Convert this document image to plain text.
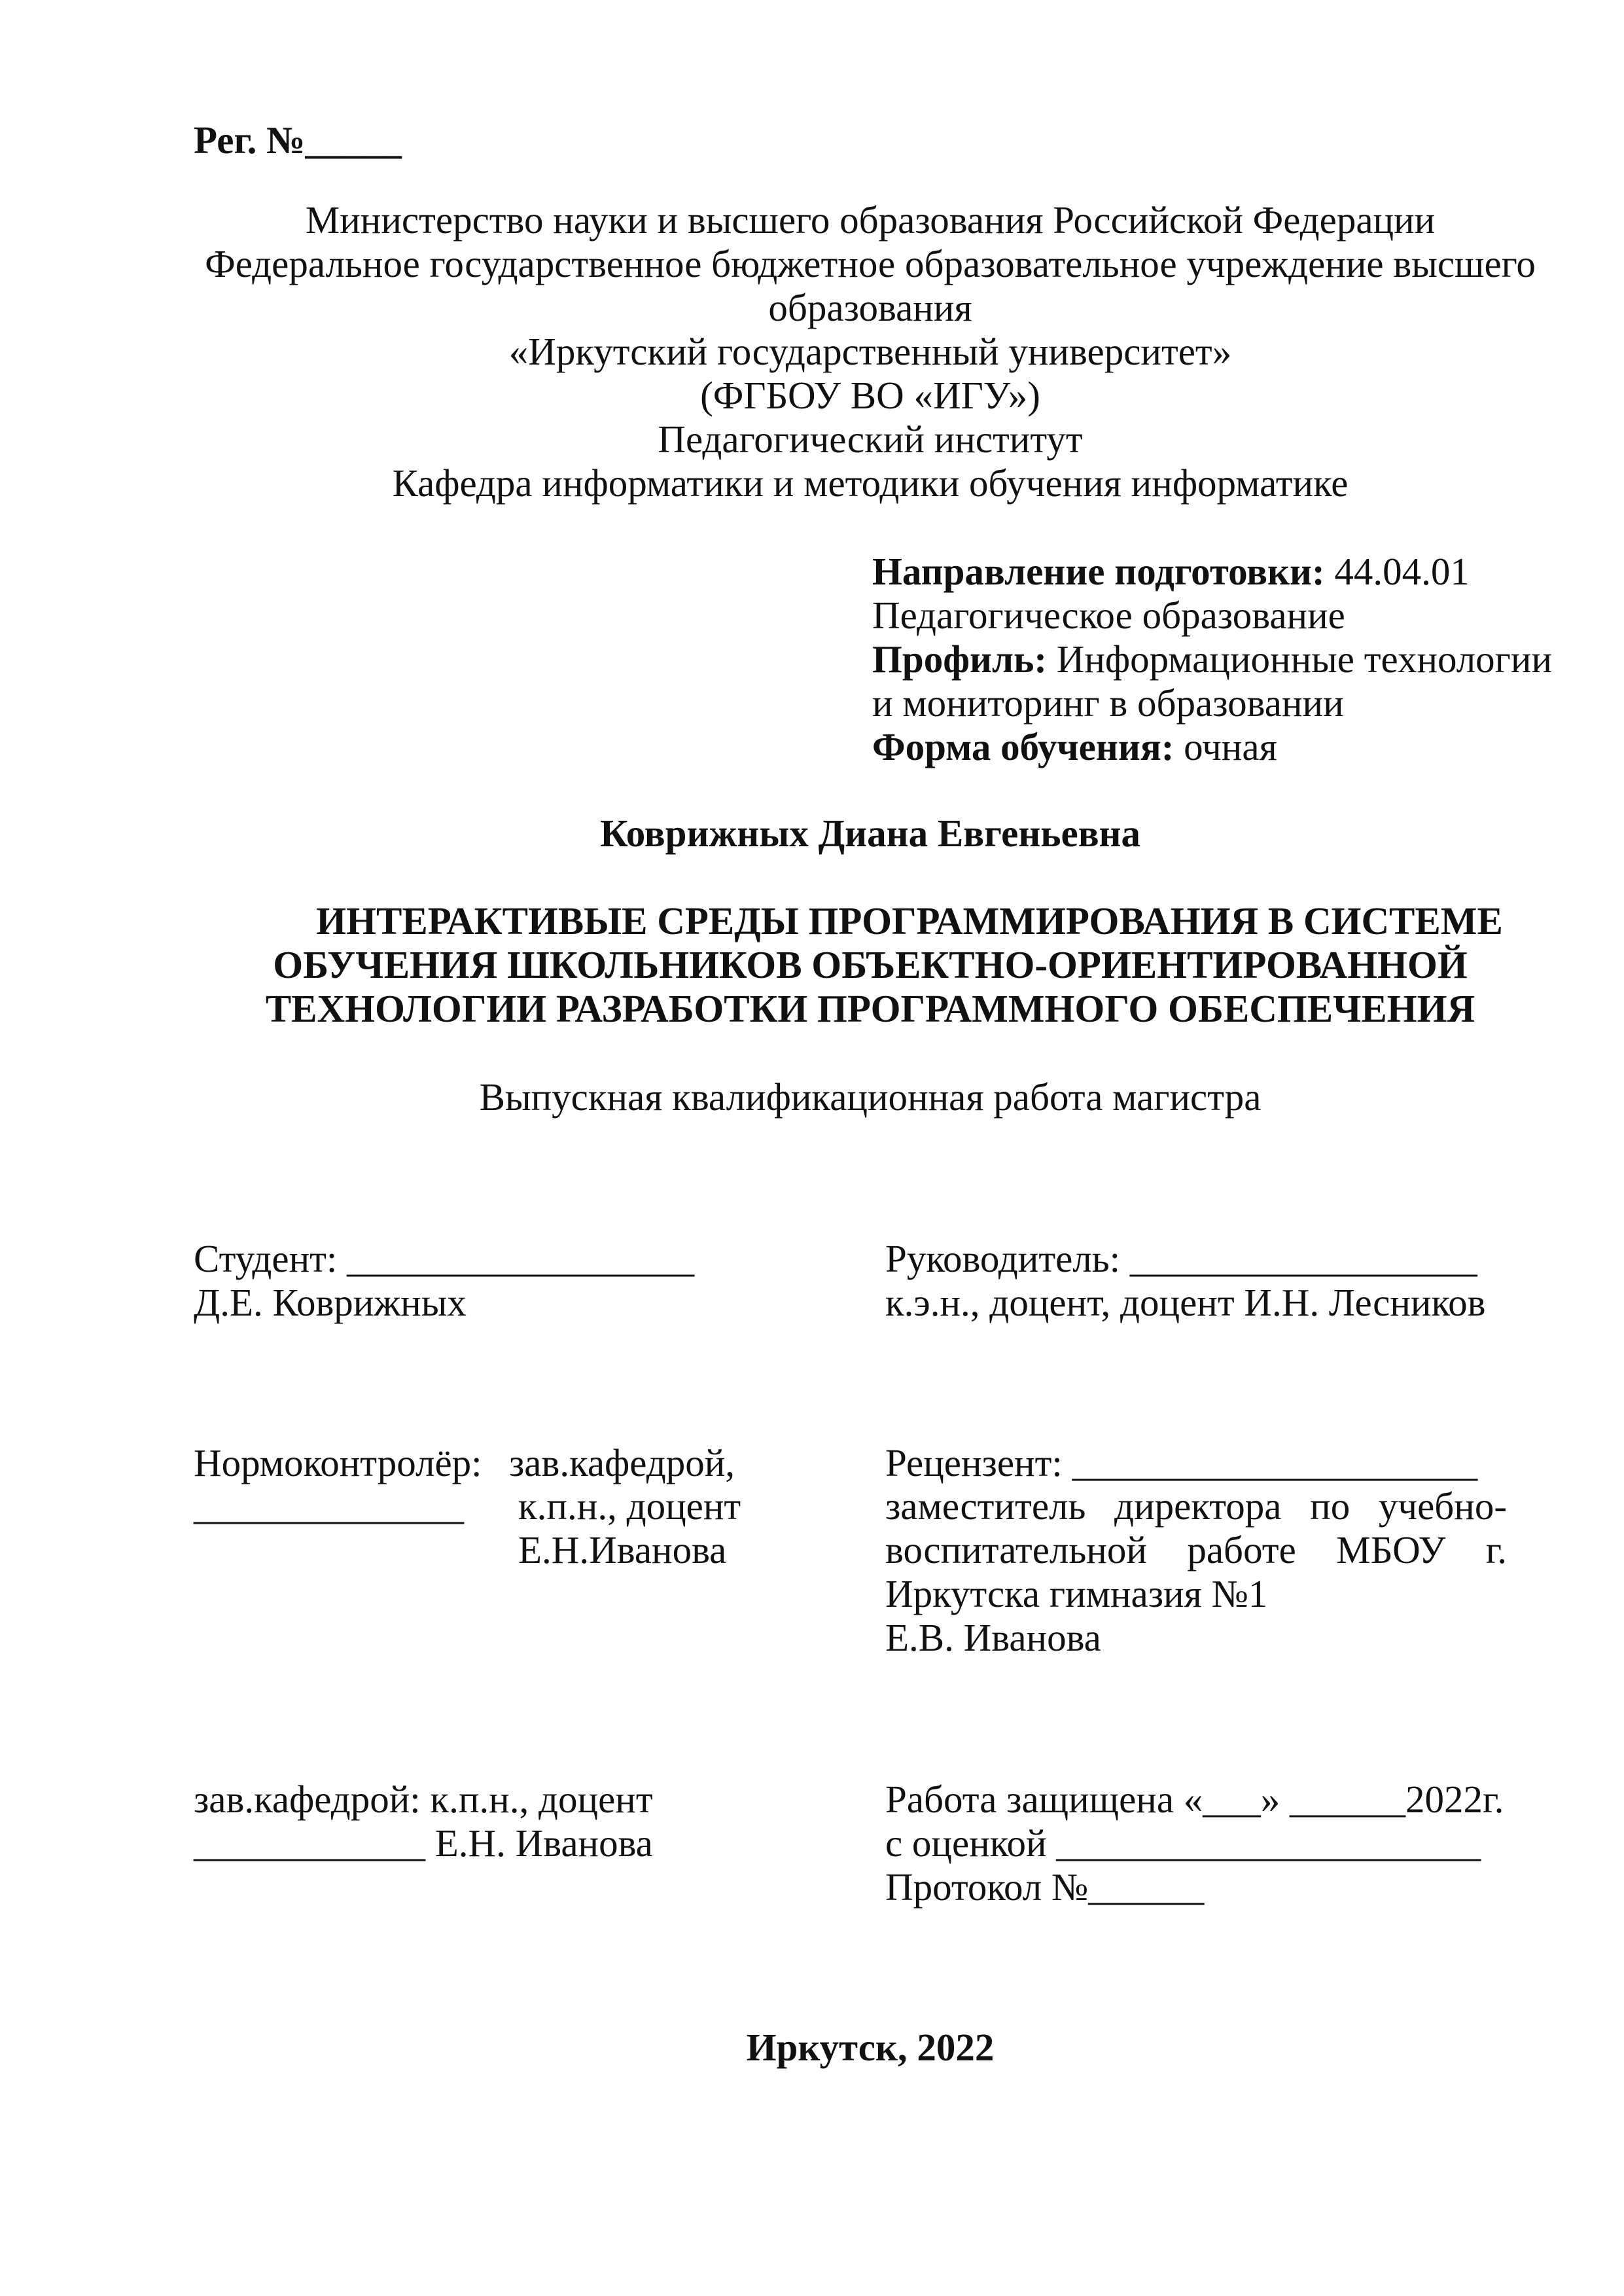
Рег. №_____
Министерство науки и высшего образования Российской Федерации
Федеральное государственное бюджетное образовательное учреждение высшего
образования
«Иркутский государственный университет»
(ФГБОУ ВО «ИГУ»)
Педагогический институт
Кафедра информатики и методики обучения информатике
Направление подготовки: 44.04.01
Педагогическое образование
Профиль: Информационные технологии
и мониторинг в образовании
Форма обучения: очная
Коврижных Диана Евгеньевна
ИНТЕРАКТИВЫЕ СРЕДЫ ПРОГРАММИРОВАНИЯ В СИСТЕМЕ
ОБУЧЕНИЯ ШКОЛЬНИКОВ ОБЪЕКТНО-ОРИЕНТИРОВАННОЙ
ТЕХНОЛОГИИ РАЗРАБОТКИ ПРОГРАММНОГО ОБЕСПЕЧЕНИЯ
Выпускная квалификационная работа магистра
Студент: __________________
Д.Е. Коврижных
Руководитель: __________________
к.э.н., доцент, доцент И.Н. Лесников
Нормоконтролёр: зав.кафедрой,
______________ к.п.н., доцент
Е.Н.Иванова
Рецензент: _____________________
заместитель директора по учебно-
воспитательной работе МБОУ г.
Иркутска гимназия №1
Е.В. Иванова
зав.кафедрой: к.п.н., доцент
____________ Е.Н. Иванова
Работа защищена «___» ______2022г.
с оценкой ______________________
Протокол №______
Иркутск, 2022
